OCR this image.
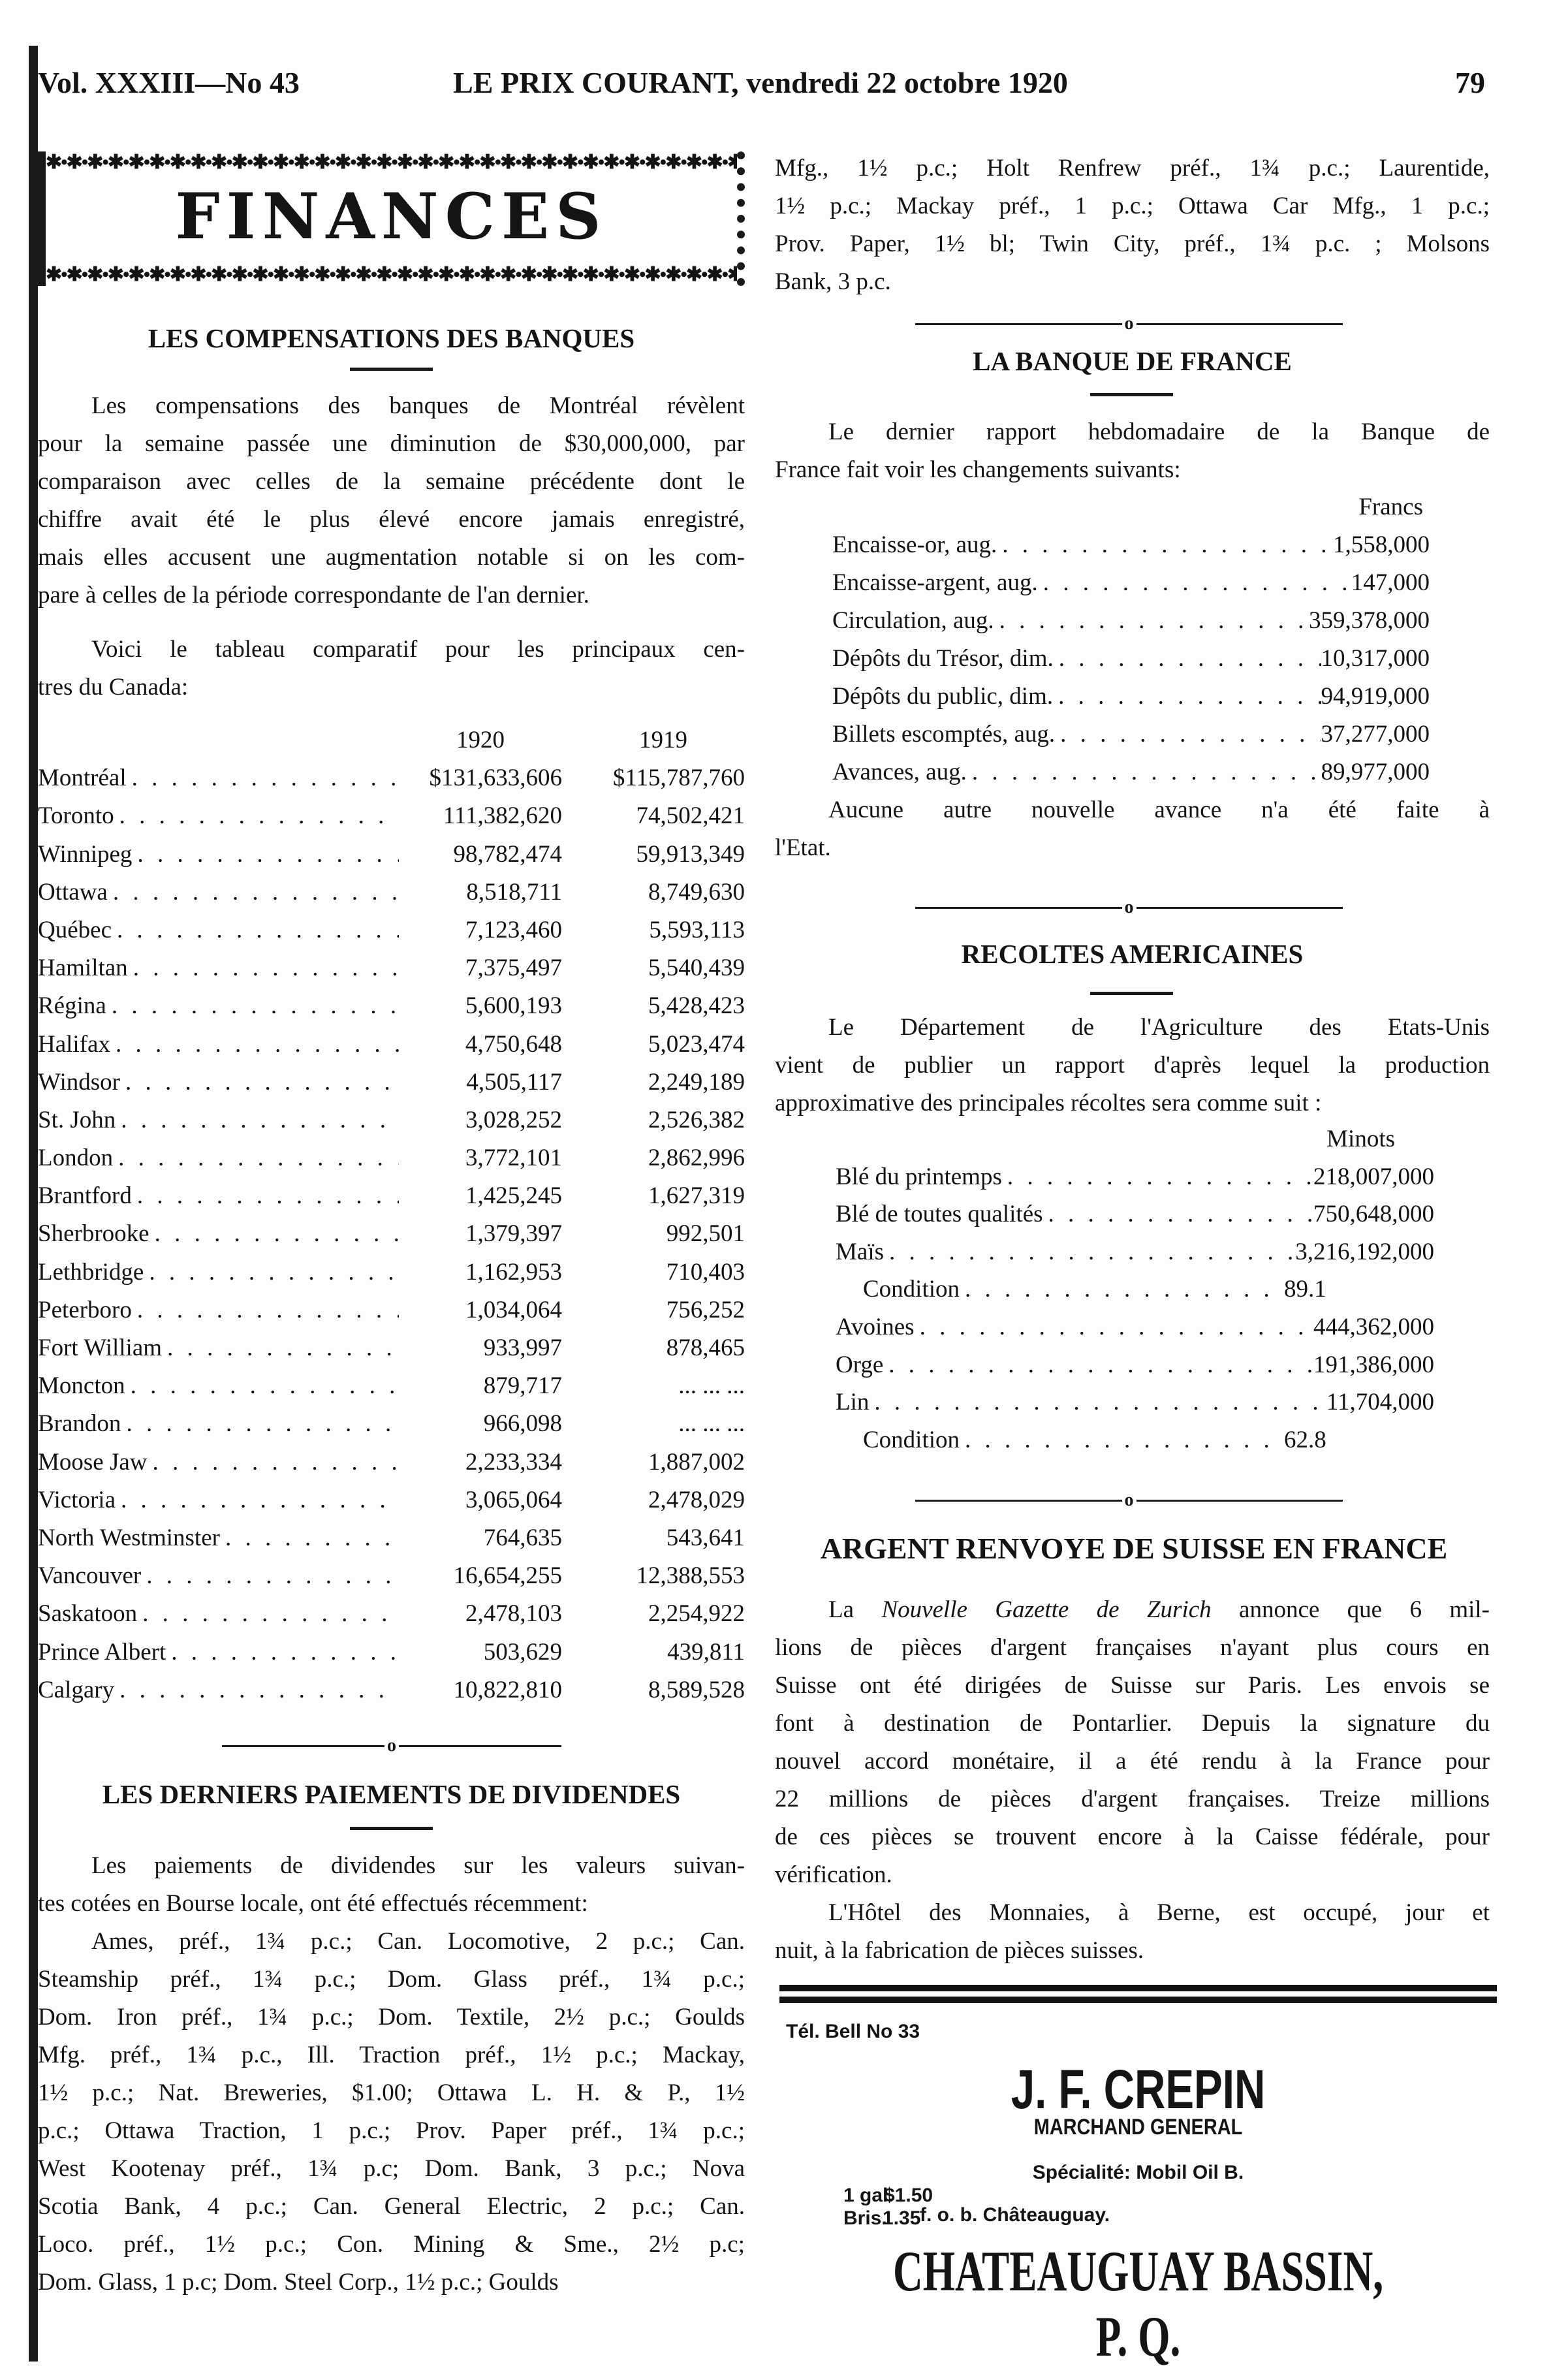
Vol. XXXIII—No 43	LE PRIX COURANT, vendredi 22 octobre 1920	79
✱•✱•✱•✱•✱•✱•✱•✱•✱•✱•✱•✱•✱•✱•✱•✱•✱•✱•✱•✱•✱•✱•✱•✱•✱•✱•✱•✱•✱•✱•✱•✱•✱•✱•✱•✱•✱•✱•✱•✱•✱•✱•✱•
FINANCES
✱•✱•✱•✱•✱•✱•✱•✱•✱•✱•✱•✱•✱•✱•✱•✱•✱•✱•✱•✱•✱•✱•✱•✱•✱•✱•✱•✱•✱•✱•✱•✱•✱•✱•✱•✱•✱•✱•✱•✱•✱•✱•✱•
LES COMPENSATIONS DES BANQUES
Les compensations des banques de Montréal révèlent
pour la semaine passée une diminution de $30,000,000, par
comparaison avec celles de la semaine précédente dont le
chiffre avait été le plus élevé encore jamais enregistré,
mais elles accusent une augmentation notable si on les com-
pare à celles de la période correspondante de l'an dernier.
Voici le tableau comparatif pour les principaux cen-
tres du Canada:
1920	1919
Montréal . . .	$131,633,606	$115,787,760
Toronto . . .	111,382,620	74,502,421
Winnipeg . . .	98,782,474	59,913,349
Ottawa . . .	8,518,711	8,749,630
Québec . . .	7,123,460	5,593,113
Hamiltan . . .	7,375,497	5,540,439
Régina . . .	5,600,193	5,428,423
Halifax . . .	4,750,648	5,023,474
Windsor . . .	4,505,117	2,249,189
St. John . . .	3,028,252	2,526,382
London . . .	3,772,101	2,862,996
Brantford . . .	1,425,245	1,627,319
Sherbrooke . . .	1,379,397	992,501
Lethbridge . . .	1,162,953	710,403
Peterboro . . .	1,034,064	756,252
Fort William . . .	933,997	878,465
Moncton . . .	879,717	... ... ...
Brandon . . .	966,098	... ... ...
Moose Jaw . . .	2,233,334	1,887,002
Victoria . . .	3,065,064	2,478,029
North Westminster . . .	764,635	543,641
Vancouver . . .	16,654,255	12,388,553
Saskatoon . . .	2,478,103	2,254,922
Prince Albert . . .	503,629	439,811
Calgary . . .	10,822,810	8,589,528
o
LES DERNIERS PAIEMENTS DE DIVIDENDES
Les paiements de dividendes sur les valeurs suivan-
tes cotées en Bourse locale, ont été effectués récemment:
Ames, préf., 1¾ p.c.; Can. Locomotive, 2 p.c.; Can.
Steamship préf., 1¾ p.c.; Dom. Glass préf., 1¾ p.c.;
Dom. Iron préf., 1¾ p.c.; Dom. Textile, 2½ p.c.; Goulds
Mfg. préf., 1¾ p.c., Ill. Traction préf., 1½ p.c.; Mackay,
1½ p.c.; Nat. Breweries, $1.00; Ottawa L. H. & P., 1½
p.c.; Ottawa Traction, 1 p.c.; Prov. Paper préf., 1¾ p.c.;
West Kootenay préf., 1¾ p.c; Dom. Bank, 3 p.c.; Nova
Scotia Bank, 4 p.c.; Can. General Electric, 2 p.c.; Can.
Loco. préf., 1½ p.c.; Con. Mining & Sme., 2½ p.c;
Dom. Glass, 1 p.c; Dom. Steel Corp., 1½ p.c.; Goulds
Mfg., 1½ p.c.; Holt Renfrew préf., 1¾ p.c.; Laurentide,
1½ p.c.; Mackay préf., 1 p.c.; Ottawa Car Mfg., 1 p.c.;
Prov. Paper, 1½ bl; Twin City, préf., 1¾ p.c. ; Molsons
Bank, 3 p.c.
o
LA BANQUE DE FRANCE
Le dernier rapport hebdomadaire de la Banque de
France fait voir les changements suivants:
Francs
Encaisse-or, aug. . . .	1,558,000
Encaisse-argent, aug. . . .	147,000
Circulation, aug. . . .	359,378,000
Dépôts du Trésor, dim. . . .	10,317,000
Dépôts du public, dim. . . .	94,919,000
Billets escomptés, aug. . . .	37,277,000
Avances, aug. . . .	89,977,000
Aucune autre nouvelle avance n'a été faite à
l'Etat.
o
RECOLTES AMERICAINES
Le Département de l'Agriculture des Etats-Unis
vient de publier un rapport d'après lequel la production
approximative des principales récoltes sera comme suit :
Minots
Blé du printemps . . .	218,007,000
Blé de toutes qualités . . .	750,648,000
Maïs . . .	3,216,192,000
Condition . . .	89.1
Avoines . . .	444,362,000
Orge . . .	191,386,000
Lin . . .	11,704,000
Condition . . .	62.8
o
ARGENT RENVOYE DE SUISSE EN FRANCE
La Nouvelle Gazette de Zurich annonce que 6 mil-
lions de pièces d'argent françaises n'ayant plus cours en
Suisse ont été dirigées de Suisse sur Paris. Les envois se
font à destination de Pontarlier. Depuis la signature du
nouvel accord monétaire, il a été rendu à la France pour
22 millions de pièces d'argent françaises. Treize millions
de ces pièces se trouvent encore à la Caisse fédérale, pour
vérification.
L'Hôtel des Monnaies, à Berne, est occupé, jour et
nuit, à la fabrication de pièces suisses.
Tél. Bell No 33
J. F. CREPIN
MARCHAND GENERAL
Spécialité: Mobil Oil B.
1 gal.
$1.50
Bris.
1.35
f. o. b. Châteauguay.
CHATEAUGUAY BASSIN, P. Q.
